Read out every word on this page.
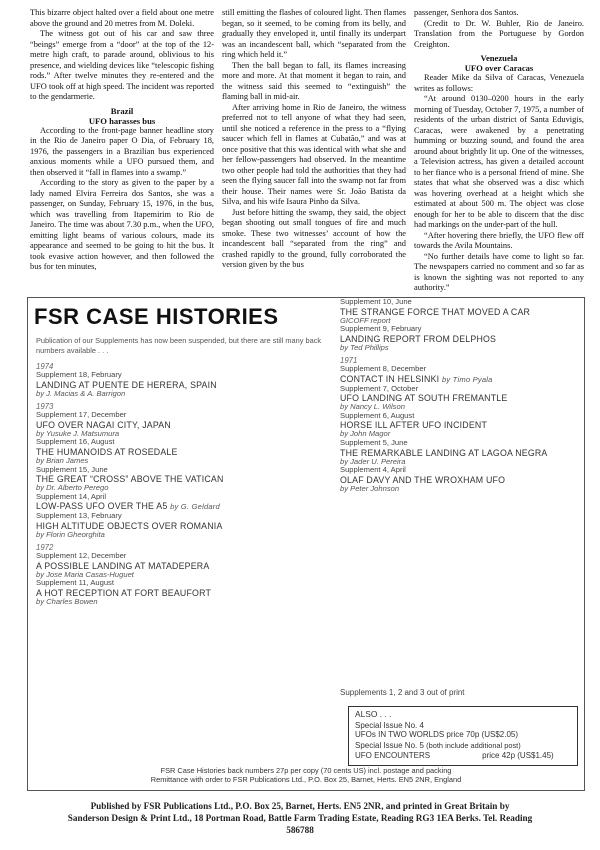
This bizarre object halted over a field about one metre above the ground and 20 metres from M. Doleki.

The witness got out of his car and saw three “beings” emerge from a “door” at the top of the 12-metre high craft, to parade around, oblivious to his presence, and wielding devices like “telescopic fishing rods.” After twelve minutes they re-entered and the UFO took off at high speed. The incident was reported to the gendarmerie.

Brazil
UFO harasses bus

According to the front-page banner headline story in the Rio de Janeiro paper O Dia, of February 18, 1976, the passengers in a Brazilian bus experienced anxious moments while a UFO pursued them, and then observed it “fall in flames into a swamp.”

According to the story as given to the paper by a lady named Elvira Ferreira dos Santos, she was a passenger, on Sunday, February 15, 1976, in the bus, which was travelling from Itapemirim to Rio de Janeiro. The time was about 7.30 p.m., when the UFO, emitting light beams of various colours, made its appearance and seemed to be going to hit the bus. It took evasive action however, and then followed the bus for ten minutes,

still emitting the flashes of coloured light. Then flames began, so it seemed, to be coming from its belly, and gradually they enveloped it, until finally its underpart was an incandescent ball, which “separated from the ring which held it.”

Then the ball began to fall, its flames increasing more and more. At that moment it began to rain, and the witness said this seemed to “extinguish” the flaming ball in mid-air.

After arriving home in Rio de Janeiro, the witness preferred not to tell anyone of what they had seen, until she noticed a reference in the press to a “flying saucer which fell in flames at Cubatão,” and was at once positive that this was identical with what she and her fellow-passengers had observed. In the meantime two other people had told the authorities that they had seen the flying saucer fall into the swamp not far from their house. Their names were Sr. João Batista da Silva, and his wife Isaura Pinho da Silva.

Just before hitting the swamp, they said, the object began shooting out small tongues of fire and much smoke. These two witnesses’ account of how the incandescent ball “separated from the ring” and crashed rapidly to the ground, fully corroborated the version given by the bus

passenger, Senhora dos Santos.

(Credit to Dr. W. Buhler, Rio de Janeiro. Translation from the Portuguese by Gordon Creighton.

Venezuela
UFO over Caracas

Reader Mike da Silva of Caracas, Venezuela writes as follows:

“At around 0130–0200 hours in the early morning of Tuesday, October 7, 1975, a number of residents of the urban district of Santa Eduvigis, Caracas, were awakened by a penetrating humming or buzzing sound, and found the area around about brightly lit up. One of the witnesses, a Television actress, has given a detailed account to her fiance who is a personal friend of mine. She states that what she observed was a disc which was hovering overhead at a height which she estimated at about 500 m. The object was close enough for her to be able to discern that the disc had markings on the under-part of the hull.

“After hovering there briefly, the UFO flew off towards the Avila Mountains.

“No further details have come to light so far. The newspapers carried no comment and so far as is known the sighting was not reported to any authority.”

FSR CASE HISTORIES
Publication of our Supplements has now been suspended, but there are still many back numbers available . . .
1974
Supplement 18, February
LANDING AT PUENTE DE HERERA, SPAIN
by J. Macias & A. Barrigon
1973
Supplement 17, December
UFO OVER NAGAI CITY, JAPAN
by Yusuke J. Matsumura
Supplement 16, August
THE HUMANOIDS AT ROSEDALE
by Brian James
Supplement 15, June
THE GREAT “CROSS” ABOVE THE VATICAN
by Dr. Alberto Perego
Supplement 14, April
LOW-PASS UFO OVER THE A5 by G. Geldard
Supplement 13, February
HIGH ALTITUDE OBJECTS OVER ROMANIA
by Florin Gheorghita
1972
Supplement 12, December
A POSSIBLE LANDING AT MATADEPERA
by Jose Maria Casas-Huguet
Supplement 11, August
A HOT RECEPTION AT FORT BEAUFORT
by Charles Bowen
Supplement 10, June
THE STRANGE FORCE THAT MOVED A CAR
GICOFF report
Supplement 9, February
LANDING REPORT FROM DELPHOS
by Ted Phillips
1971
Supplement 8, December
CONTACT IN HELSINKI by Timo Pyala
Supplement 7, October
UFO LANDING AT SOUTH FREMANTLE
by Nancy L. Wilson
Supplement 6, August
HORSE ILL AFTER UFO INCIDENT
by John Magor
Supplement 5, June
THE REMARKABLE LANDING AT LAGOA NEGRA
by Jader U. Pereira
Supplement 4, April
OLAF DAVY AND THE WROXHAM UFO
by Peter Johnson
Supplements 1, 2 and 3 out of print
ALSO . . .
Special Issue No. 4
UFOs IN TWO WORLDS price 70p (US$2.05)
Special Issue No. 5 (both include additional post)
UFO ENCOUNTERS	price 42p (US$1.45)
FSR Case Histories back numbers 27p per copy (70 cents US) incl. postage and packing
Remittance with order to FSR Publications Ltd., P.O. Box 25, Barnet, Herts. EN5 2NR, England
Published by FSR Publications Ltd., P.O. Box 25, Barnet, Herts. EN5 2NR, and printed in Great Britain by
Sanderson Design & Print Ltd., 18 Portman Road, Battle Farm Trading Estate, Reading RG3 1EA Berks. Tel. Reading 586788
